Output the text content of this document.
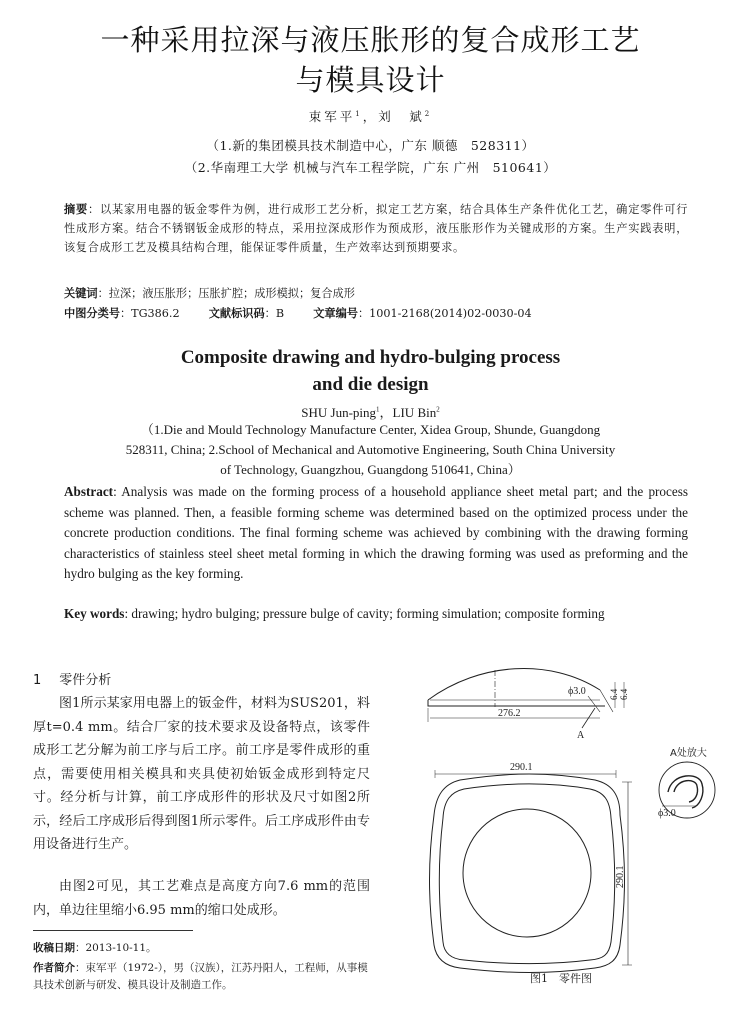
一种采用拉深与液压胀形的复合成形工艺
与模具设计
束军平$^1$，刘　斌$^2$
（1.新的集团模具技术制造中心，广东 顺德　528311）
（2.华南理工大学 机械与汽车工程学院，广东 广州　510641）
摘要：以某家用电器的钣金零件为例，进行成形工艺分析，拟定工艺方案，结合具体生产条件优化工艺，确定零件可行性成形方案。结合不锈钢钣金成形的特点，采用拉深成形作为预成形，液压胀形作为关键成形的方案。生产实践表明，该复合成形工艺及模具结构合理，能保证零件质量，生产效率达到预期要求。
关键词：拉深；液压胀形；压胀扩腔；成形模拟；复合成形
中图分类号：TG386.2	文献标识码：B	文章编号：1001-2168(2014)02-0030-04
Composite drawing and hydro-bulging process
and die design
SHU Jun-ping$^1$，LIU Bin$^2$
（1.Die and Mould Technology Manufacture Center, Xidea Group, Shunde, Guangdong
528311, China; 2.School of Mechanical and Automotive Engineering, South China University
of Technology, Guangzhou, Guangdong 510641, China）
Abstract: Analysis was made on the forming process of a household appliance sheet metal part; and the process scheme was planned. Then, a feasible forming scheme was determined based on the optimized process under the concrete production conditions. The final forming scheme was achieved by combining with the drawing forming characteristics of stainless steel sheet metal forming in which the drawing forming was used as preforming and the hydro bulging as the key forming.
Key words: drawing; hydro bulging; pressure bulge of cavity; forming simulation; composite forming
1 零件分析
图1所示某家用电器上的钣金件，材料为SUS201，料厚t=0.4 mm。结合厂家的技术要求及设备特点，该零件成形工艺分解为前工序与后工序。前工序是零件成形的重点，需要使用相关模具和夹具使初始钣金成形到特定尺寸。经分析与计算，前工序成形件的形状及尺寸如图2所示，经后工序成形后得到图1所示零件。后工序成形件由专用设备进行生产。
由图2可见，其工艺难点是高度方向7.6 mm的范围内，单边往里缩小6.95 mm的缩口处成形。
收稿日期：2013-10-11。
作者简介：束军平（1972-），男（汉族），江苏丹阳人，工程师，从事模具技术创新与研发、模具设计及制造工作。
ϕ3.0	6.4 6.4
276.2
A
A处放大
ϕ3.0
290.1
290.1
图1　零件图
